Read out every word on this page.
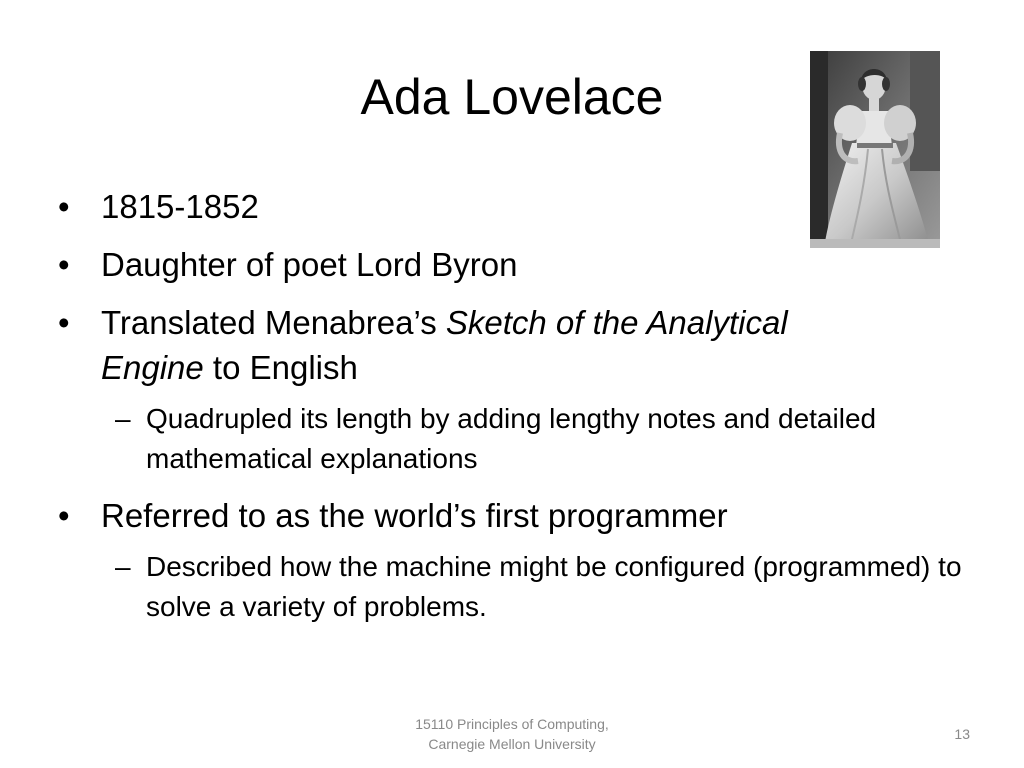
Ada Lovelace
• 1815-1852
• Daughter of poet Lord Byron
• Translated Menabrea’s Sketch of the Analytical
Engine to English
– Quadrupled its length by adding lengthy notes and detailed mathematical explanations
• Referred to as the world’s first programmer
– Described how the machine might be configured (programmed) to solve a variety of problems.
15110 Principles of Computing,
Carnegie Mellon University
13
